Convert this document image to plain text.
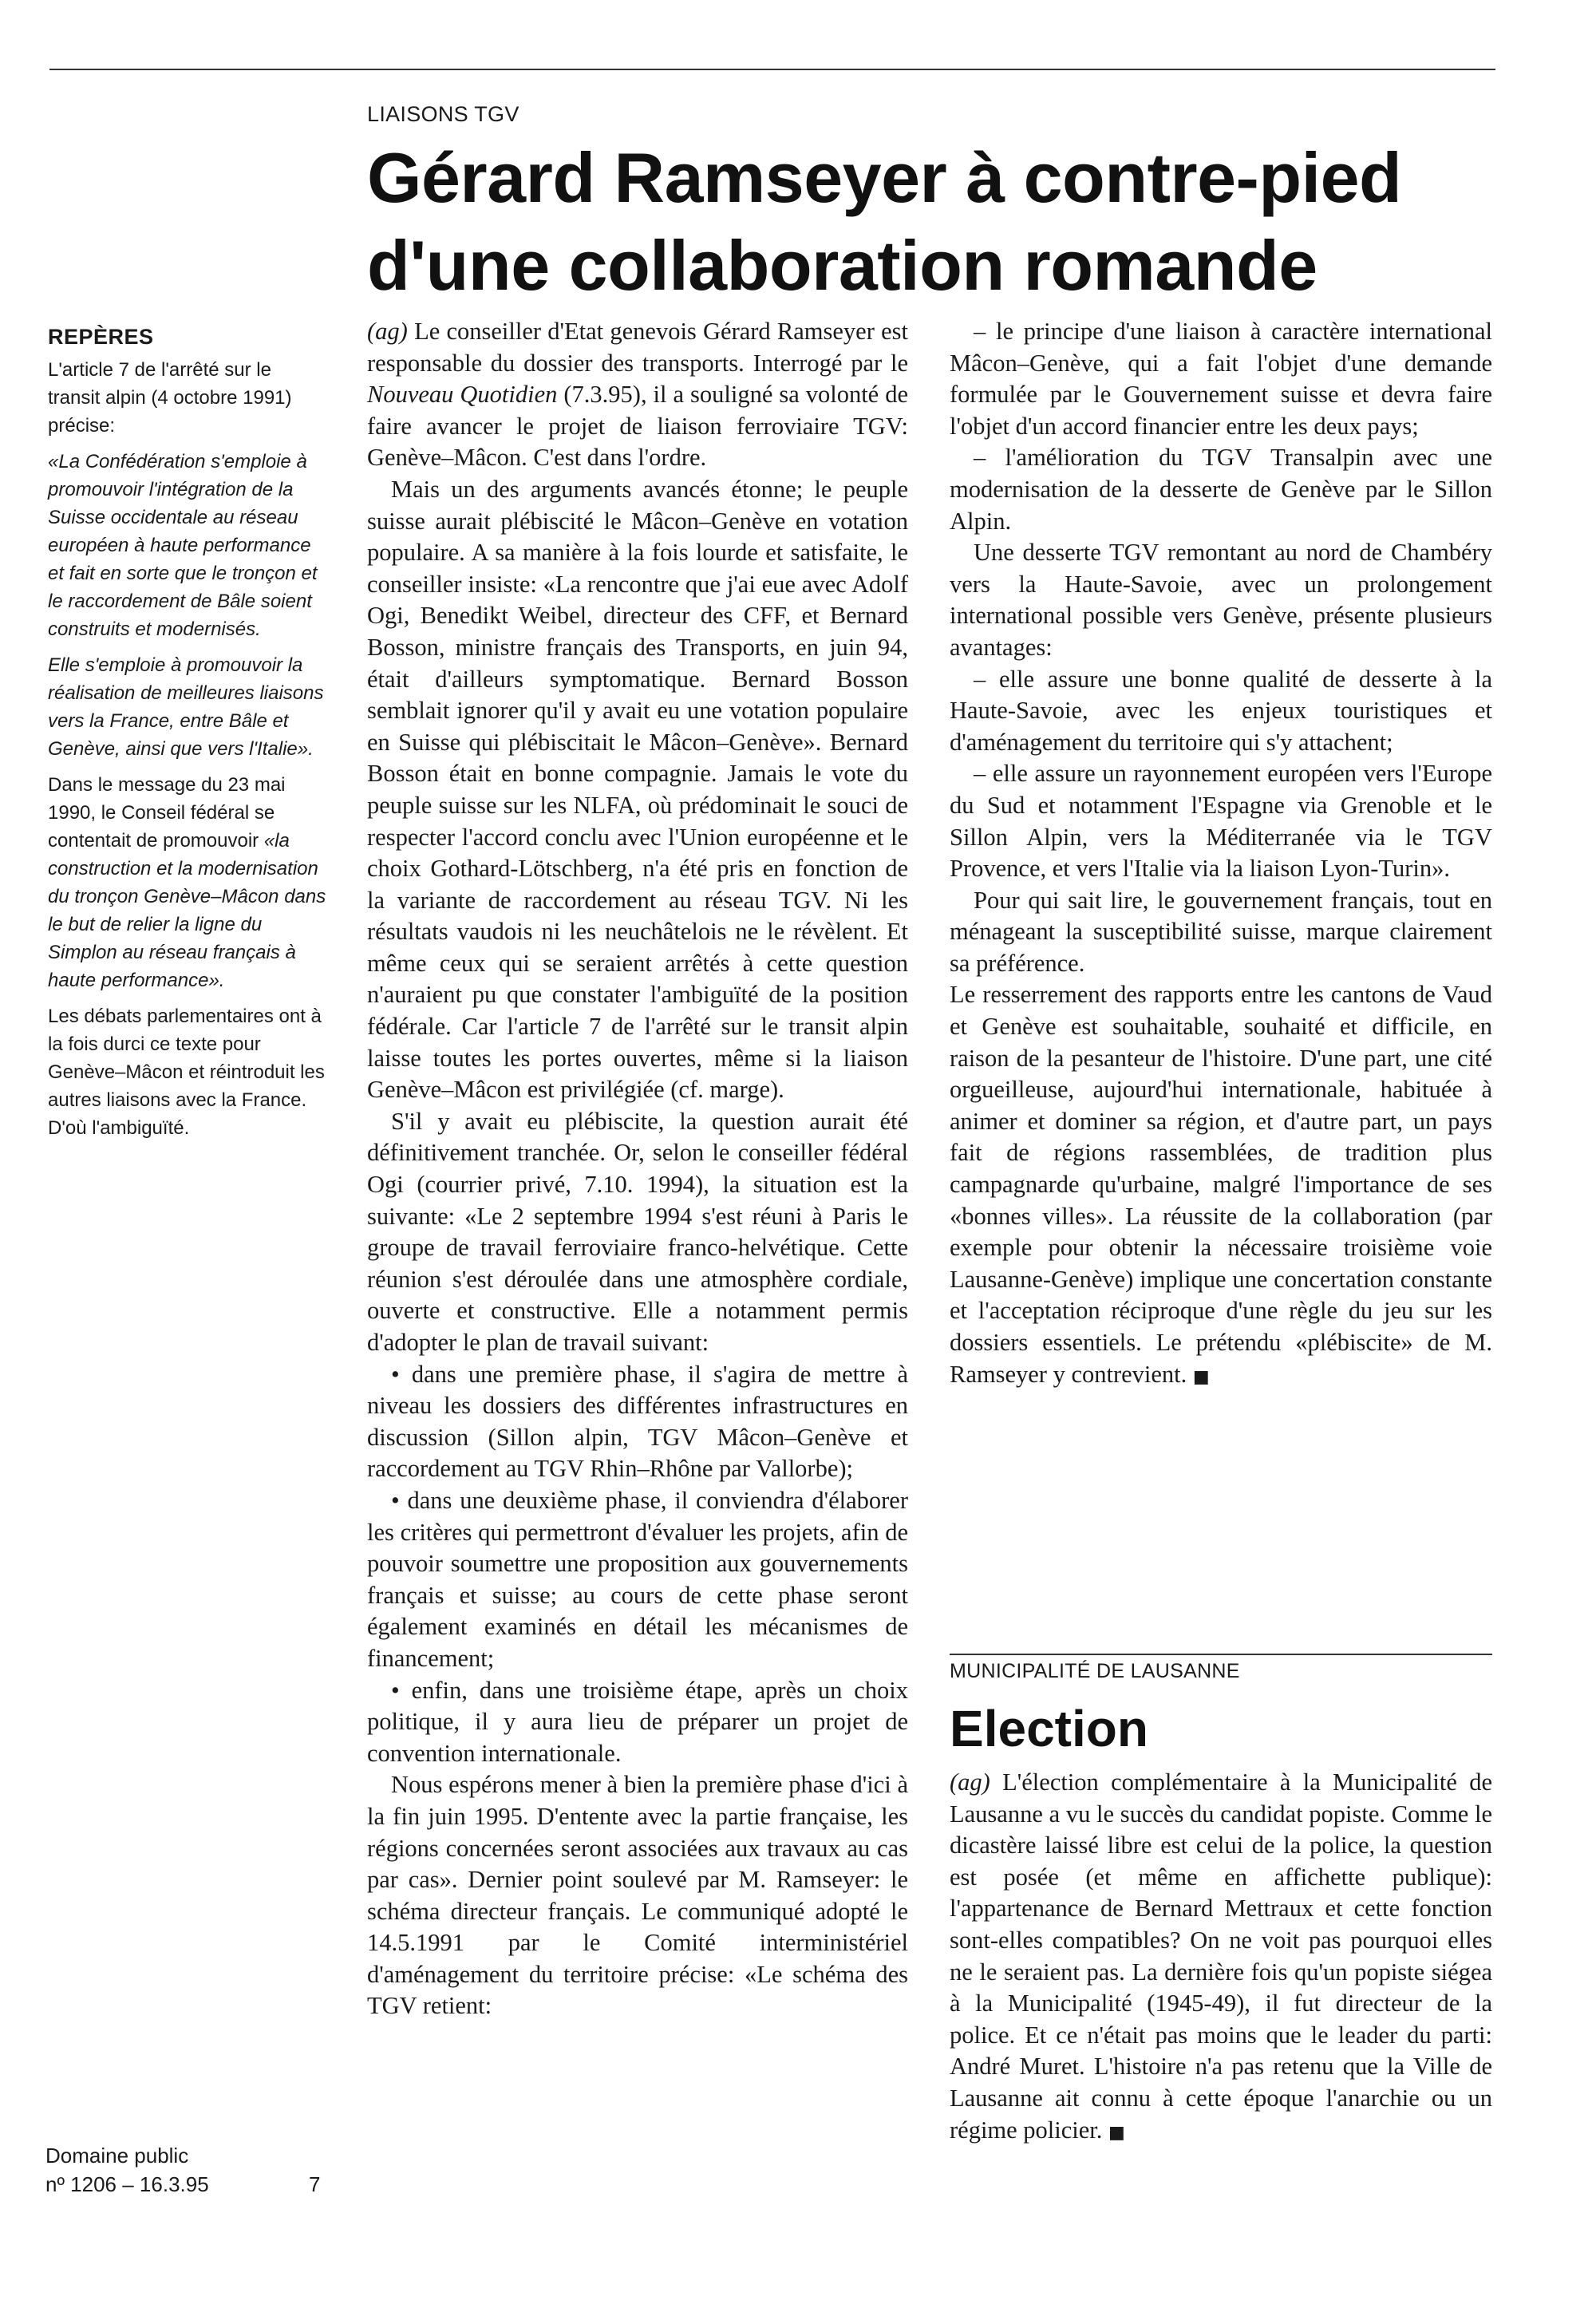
LIAISONS TGV
Gérard Ramseyer à contre-pied d'une collaboration romande
REPÈRES

L'article 7 de l'arrêté sur le transit alpin (4 octobre 1991) précise:

«La Confédération s'emploie à promouvoir l'intégration de la Suisse occidentale au réseau européen à haute performance et fait en sorte que le tronçon et le raccordement de Bâle soient construits et modernisés.

Elle s'emploie à promouvoir la réalisation de meilleures liaisons vers la France, entre Bâle et Genève, ainsi que vers l'Italie».

Dans le message du 23 mai 1990, le Conseil fédéral se contentait de promouvoir «la construction et la modernisation du tronçon Genève–Mâcon dans le but de relier la ligne du Simplon au réseau français à haute performance».

Les débats parlementaires ont à la fois durci ce texte pour Genève–Mâcon et réintroduit les autres liaisons avec la France. D'où l'ambiguïté.

Domaine public
nº 1206 – 16.3.95	7

(ag) Le conseiller d'Etat genevois Gérard Ramseyer est responsable du dossier des transports. Interrogé par le Nouveau Quotidien (7.3.95), il a souligné sa volonté de faire avancer le projet de liaison ferroviaire TGV: Genève–Mâcon. C'est dans l'ordre.

Mais un des arguments avancés étonne; le peuple suisse aurait plébiscité le Mâcon–Genève en votation populaire. A sa manière à la fois lourde et satisfaite, le conseiller insiste: «La rencontre que j'ai eue avec Adolf Ogi, Benedikt Weibel, directeur des CFF, et Bernard Bosson, ministre français des Transports, en juin 94, était d'ailleurs symptomatique. Bernard Bosson semblait ignorer qu'il y avait eu une votation populaire en Suisse qui plébiscitait le Mâcon–Genève». Bernard Bosson était en bonne compagnie. Jamais le vote du peuple suisse sur les NLFA, où prédominait le souci de respecter l'accord conclu avec l'Union européenne et le choix Gothard-Lötschberg, n'a été pris en fonction de la variante de raccordement au réseau TGV. Ni les résultats vaudois ni les neuchâtelois ne le révèlent. Et même ceux qui se seraient arrêtés à cette question n'auraient pu que constater l'ambiguïté de la position fédérale. Car l'article 7 de l'arrêté sur le transit alpin laisse toutes les portes ouvertes, même si la liaison Genève–Mâcon est privilégiée (cf. marge).

S'il y avait eu plébiscite, la question aurait été définitivement tranchée. Or, selon le conseiller fédéral Ogi (courrier privé, 7.10. 1994), la situation est la suivante: «Le 2 septembre 1994 s'est réuni à Paris le groupe de travail ferroviaire franco-helvétique. Cette réunion s'est déroulée dans une atmosphère cordiale, ouverte et constructive. Elle a notamment permis d'adopter le plan de travail suivant:

• dans une première phase, il s'agira de mettre à niveau les dossiers des différentes infrastructures en discussion (Sillon alpin, TGV Mâcon–Genève et raccordement au TGV Rhin–Rhône par Vallorbe);

• dans une deuxième phase, il conviendra d'élaborer les critères qui permettront d'évaluer les projets, afin de pouvoir soumettre une proposition aux gouvernements français et suisse; au cours de cette phase seront également examinés en détail les mécanismes de financement;

• enfin, dans une troisième étape, après un choix politique, il y aura lieu de préparer un projet de convention internationale.

Nous espérons mener à bien la première phase d'ici à la fin juin 1995. D'entente avec la partie française, les régions concernées seront associées aux travaux au cas par cas». Dernier point soulevé par M. Ramseyer: le schéma directeur français. Le communiqué adopté le 14.5.1991 par le Comité interministériel d'aménagement du territoire précise: «Le schéma des TGV retient:

– le principe d'une liaison à caractère international Mâcon–Genève, qui a fait l'objet d'une demande formulée par le Gouvernement suisse et devra faire l'objet d'un accord financier entre les deux pays;

– l'amélioration du TGV Transalpin avec une modernisation de la desserte de Genève par le Sillon Alpin.

Une desserte TGV remontant au nord de Chambéry vers la Haute-Savoie, avec un prolongement international possible vers Genève, présente plusieurs avantages:

– elle assure une bonne qualité de desserte à la Haute-Savoie, avec les enjeux touristiques et d'aménagement du territoire qui s'y attachent;

– elle assure un rayonnement européen vers l'Europe du Sud et notamment l'Espagne via Grenoble et le Sillon Alpin, vers la Méditerranée via le TGV Provence, et vers l'Italie via la liaison Lyon-Turin».

Pour qui sait lire, le gouvernement français, tout en ménageant la susceptibilité suisse, marque clairement sa préférence.

Le resserrement des rapports entre les cantons de Vaud et Genève est souhaitable, souhaité et difficile, en raison de la pesanteur de l'histoire. D'une part, une cité orgueilleuse, aujourd'hui internationale, habituée à animer et dominer sa région, et d'autre part, un pays fait de régions rassemblées, de tradition plus campagnarde qu'urbaine, malgré l'importance de ses «bonnes villes». La réussite de la collaboration (par exemple pour obtenir la nécessaire troisième voie Lausanne-Genève) implique une concertation constante et l'acceptation réciproque d'une règle du jeu sur les dossiers essentiels. Le prétendu «plébiscite» de M. Ramseyer y contrevient. ■

MUNICIPALITÉ DE LAUSANNE
Election

(ag) L'élection complémentaire à la Municipalité de Lausanne a vu le succès du candidat popiste. Comme le dicastère laissé libre est celui de la police, la question est posée (et même en affichette publique): l'appartenance de Bernard Mettraux et cette fonction sont-elles compatibles? On ne voit pas pourquoi elles ne le seraient pas. La dernière fois qu'un popiste siégea à la Municipalité (1945-49), il fut directeur de la police. Et ce n'était pas moins que le leader du parti: André Muret. L'histoire n'a pas retenu que la Ville de Lausanne ait connu à cette époque l'anarchie ou un régime policier. ■
